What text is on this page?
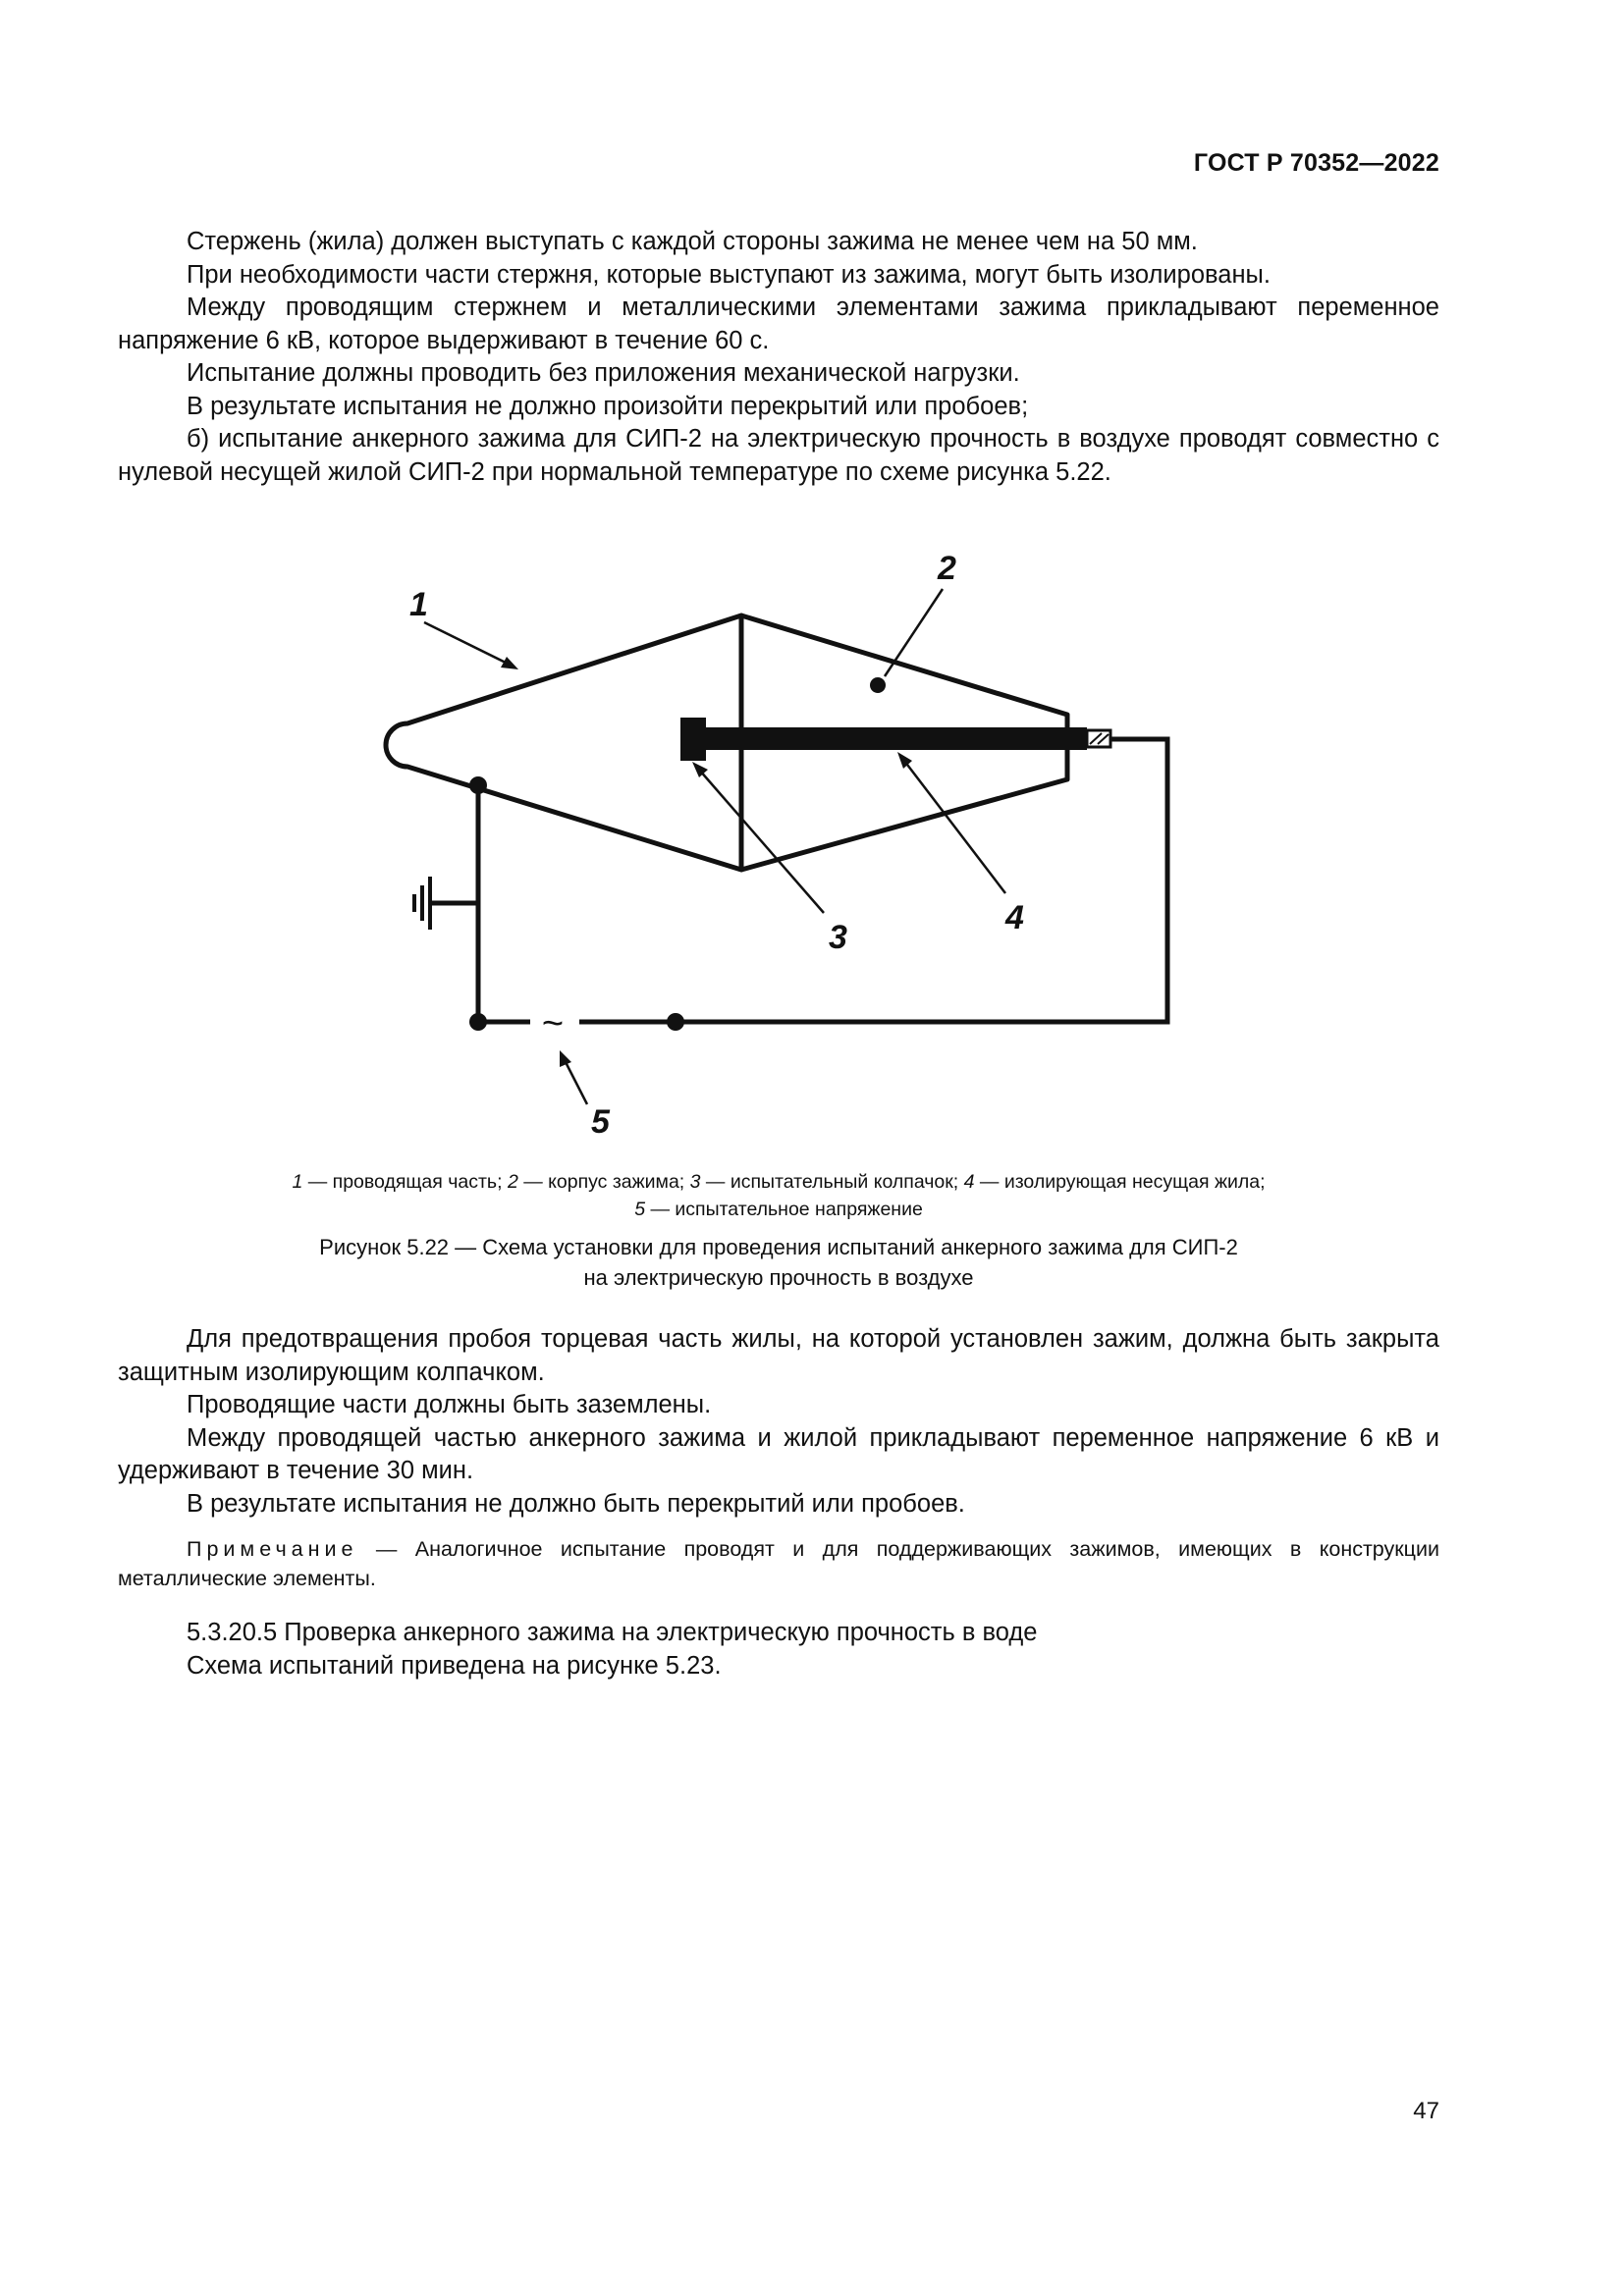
ГОСТ Р 70352—2022

Стержень (жила) должен выступать с каждой стороны зажима не менее чем на 50 мм.

При необходимости части стержня, которые выступают из зажима, могут быть изолированы.

Между проводящим стержнем и металлическими элементами зажима прикладывают переменное напряжение 6 кВ, которое выдерживают в течение 60 с.

Испытание должны проводить без приложения механической нагрузки.

В результате испытания не должно произойти перекрытий или пробоев;

б) испытание анкерного зажима для СИП-2 на электрическую прочность в воздухе проводят совместно с нулевой несущей жилой СИП-2 при нормальной температуре по схеме рисунка 5.22.

~
1
2
3
4
5
1 — проводящая часть; 2 — корпус зажима; 3 — испытательный колпачок; 4 — изолирующая несущая жила;
5 — испытательное напряжение
Рисунок 5.22 — Схема установки для проведения испытаний анкерного зажима для СИП-2
на электрическую прочность в воздухе

Для предотвращения пробоя торцевая часть жилы, на которой установлен зажим, должна быть закрыта защитным изолирующим колпачком.

Проводящие части должны быть заземлены.

Между проводящей частью анкерного зажима и жилой прикладывают переменное напряжение 6 кВ и удерживают в течение 30 мин.

В результате испытания не должно быть перекрытий или пробоев.

Примечание — Аналогичное испытание проводят и для поддерживающих зажимов, имеющих в конструкции металлические элементы.

5.3.20.5 Проверка анкерного зажима на электрическую прочность в воде

Схема испытаний приведена на рисунке 5.23.

47
